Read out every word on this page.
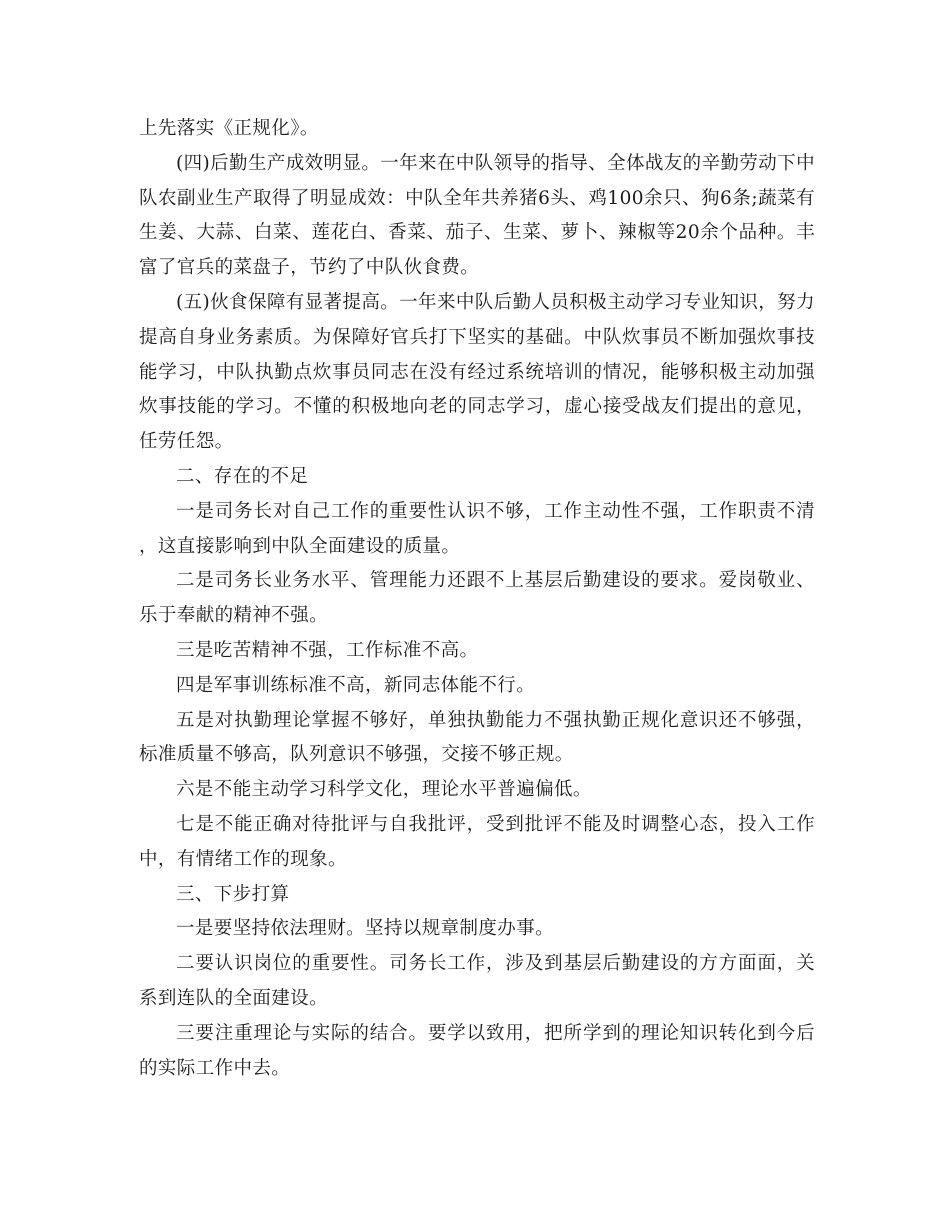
上先落实《正规化》。

(四)后勤生产成效明显。一年来在中队领导的指导、全体战友的辛勤劳动下中队农副业生产取得了明显成效：中队全年共养猪6头、鸡100余只、狗6条;蔬菜有生姜、大蒜、白菜、莲花白、香菜、茄子、生菜、萝卜、辣椒等20余个品种。丰富了官兵的菜盘子，节约了中队伙食费。

(五)伙食保障有显著提高。一年来中队后勤人员积极主动学习专业知识，努力提高自身业务素质。为保障好官兵打下坚实的基础。中队炊事员不断加强炊事技能学习，中队执勤点炊事员同志在没有经过系统培训的情况，能够积极主动加强炊事技能的学习。不懂的积极地向老的同志学习，虚心接受战友们提出的意见，任劳任怨。

二、存在的不足

一是司务长对自己工作的重要性认识不够，工作主动性不强，工作职责不清，这直接影响到中队全面建设的质量。

二是司务长业务水平、管理能力还跟不上基层后勤建设的要求。爱岗敬业、乐于奉献的精神不强。

三是吃苦精神不强，工作标准不高。

四是军事训练标准不高，新同志体能不行。

五是对执勤理论掌握不够好，单独执勤能力不强执勤正规化意识还不够强，标准质量不够高，队列意识不够强，交接不够正规。

六是不能主动学习科学文化，理论水平普遍偏低。

七是不能正确对待批评与自我批评，受到批评不能及时调整心态，投入工作中，有情绪工作的现象。

三、下步打算

一是要坚持依法理财。坚持以规章制度办事。

二要认识岗位的重要性。司务长工作，涉及到基层后勤建设的方方面面，关系到连队的全面建设。

三要注重理论与实际的结合。要学以致用，把所学到的理论知识转化到今后的实际工作中去。
